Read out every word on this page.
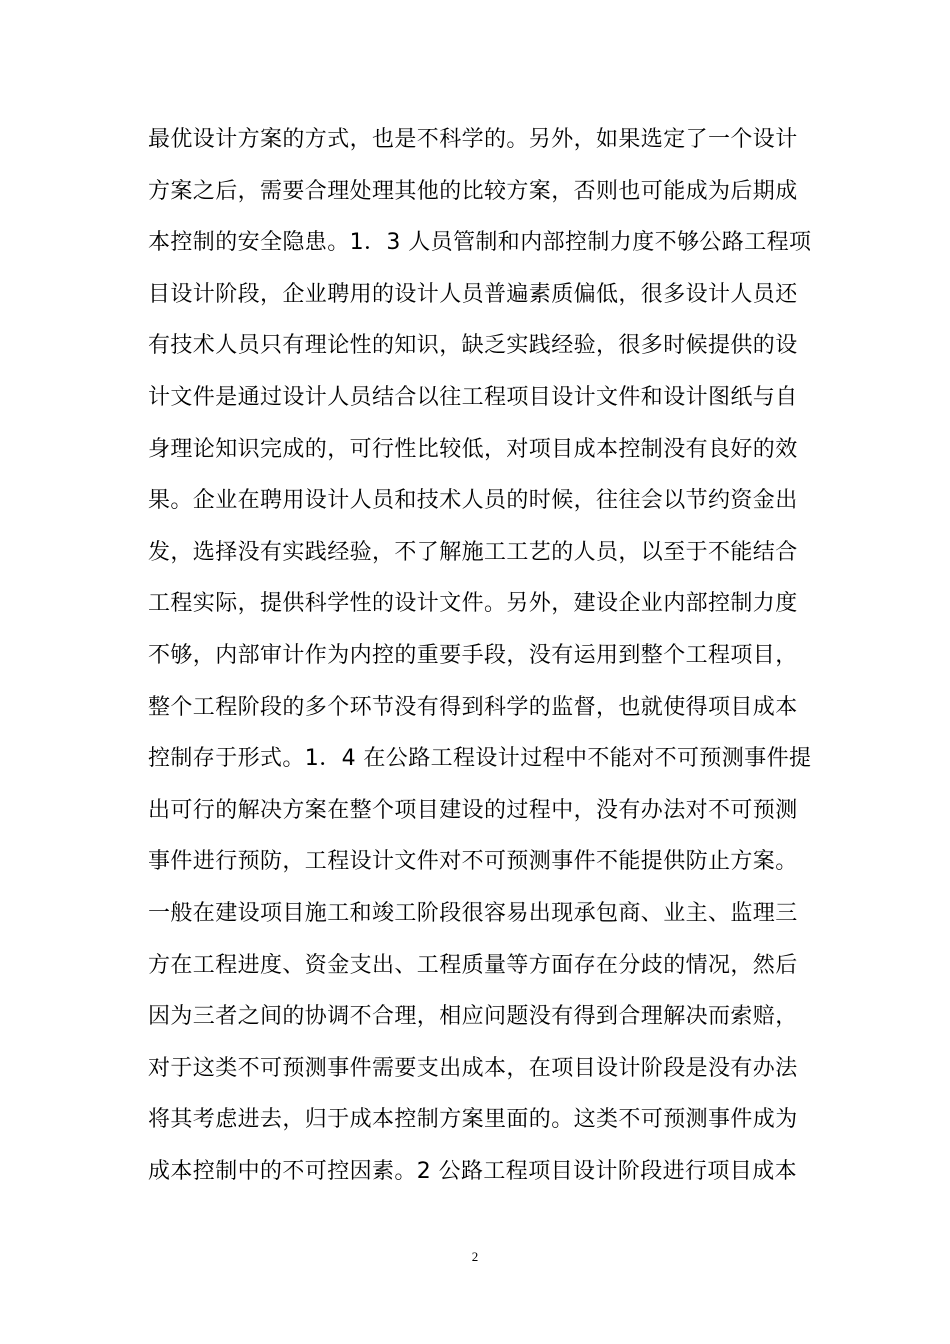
最优设计方案的方式，也是不科学的。另外，如果选定了一个设计
方案之后，需要合理处理其他的比较方案，否则也可能成为后期成
本控制的安全隐患。1．3 人员管制和内部控制力度不够公路工程项
目设计阶段，企业聘用的设计人员普遍素质偏低，很多设计人员还
有技术人员只有理论性的知识，缺乏实践经验，很多时候提供的设
计文件是通过设计人员结合以往工程项目设计文件和设计图纸与自
身理论知识完成的，可行性比较低，对项目成本控制没有良好的效
果。企业在聘用设计人员和技术人员的时候，往往会以节约资金出
发，选择没有实践经验，不了解施工工艺的人员，以至于不能结合
工程实际，提供科学性的设计文件。另外，建设企业内部控制力度
不够，内部审计作为内控的重要手段，没有运用到整个工程项目，
整个工程阶段的多个环节没有得到科学的监督，也就使得项目成本
控制存于形式。1．4 在公路工程设计过程中不能对不可预测事件提
出可行的解决方案在整个项目建设的过程中，没有办法对不可预测
事件进行预防，工程设计文件对不可预测事件不能提供防止方案。
一般在建设项目施工和竣工阶段很容易出现承包商、业主、监理三
方在工程进度、资金支出、工程质量等方面存在分歧的情况，然后
因为三者之间的协调不合理，相应问题没有得到合理解决而索赔，
对于这类不可预测事件需要支出成本，在项目设计阶段是没有办法
将其考虑进去，归于成本控制方案里面的。这类不可预测事件成为
成本控制中的不可控因素。2 公路工程项目设计阶段进行项目成本
2
